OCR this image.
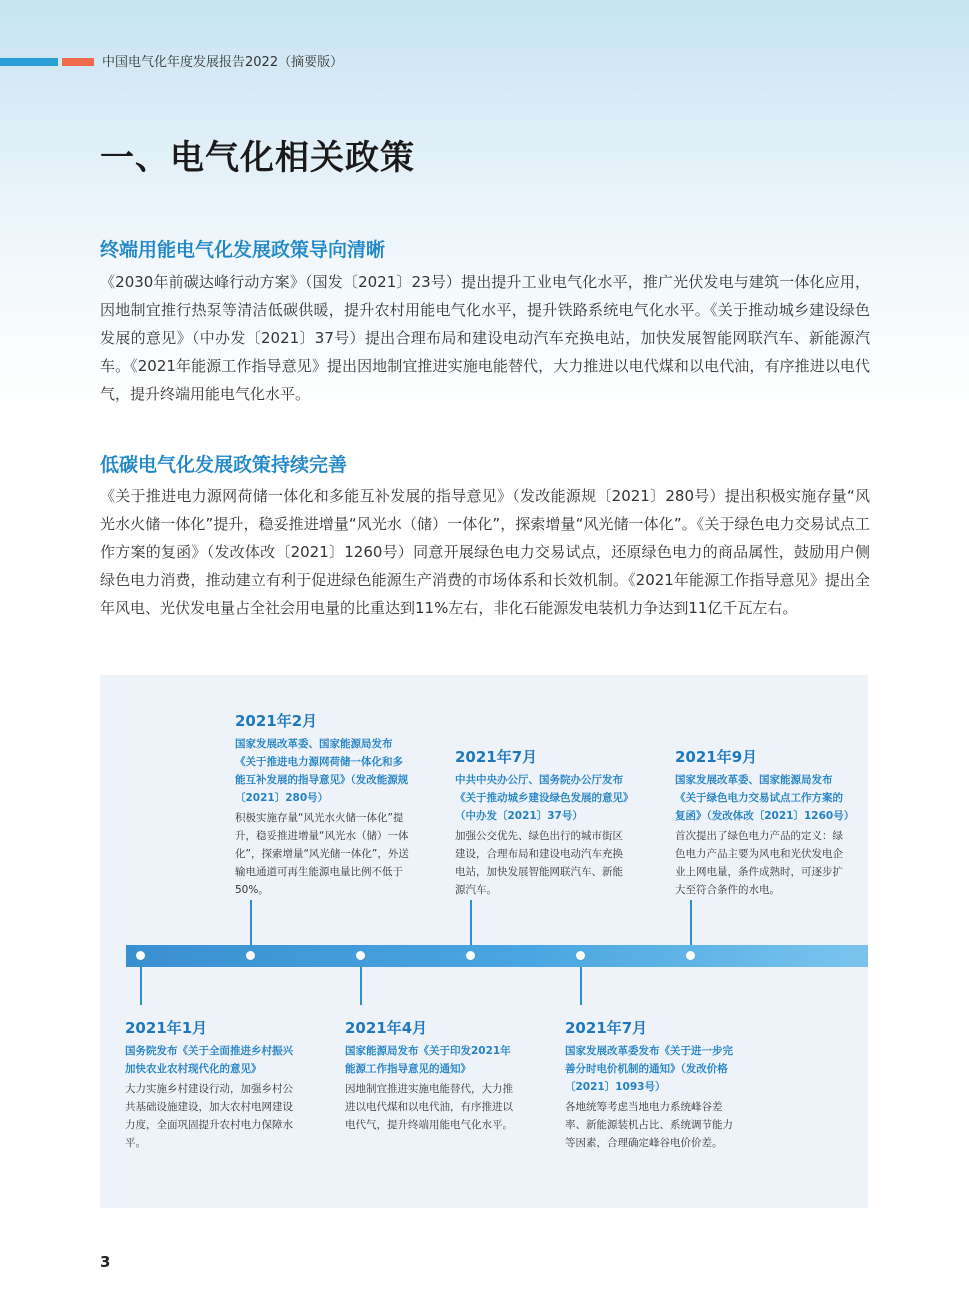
中国电气化年度发展报告2022（摘要版）
一、电气化相关政策
终端用能电气化发展政策导向清晰

《2030年前碳达峰行动方案》（国发〔2021〕23号）提出提升工业电气化水平，推广光伏发电与建筑一体化应用，因地制宜推行热泵等清洁低碳供暖，提升农村用能电气化水平，提升铁路系统电气化水平。《关于推动城乡建设绿色发展的意见》（中办发〔2021〕37号）提出合理布局和建设电动汽车充换电站，加快发展智能网联汽车、新能源汽车。《2021年能源工作指导意见》提出因地制宜推进实施电能替代，大力推进以电代煤和以电代油，有序推进以电代气，提升终端用能电气化水平。

低碳电气化发展政策持续完善

《关于推进电力源网荷储一体化和多能互补发展的指导意见》（发改能源规〔2021〕280号）提出积极实施存量“风光水火储一体化”提升，稳妥推进增量“风光水（储）一体化”，探索增量“风光储一体化”。《关于绿色电力交易试点工作方案的复函》（发改体改〔2021〕1260号）同意开展绿色电力交易试点，还原绿色电力的商品属性，鼓励用户侧绿色电力消费，推动建立有利于促进绿色能源生产消费的市场体系和长效机制。《2021年能源工作指导意见》提出全年风电、光伏发电量占全社会用电量的比重达到11%左右，非化石能源发电装机力争达到11亿千瓦左右。

2021年2月
国家发展改革委、国家能源局发布《关于推进电力源网荷储一体化和多能互补发展的指导意见》（发改能源规〔2021〕280号）
积极实施存量“风光水火储一体化”提升，稳妥推进增量“风光水（储）一体化”，探索增量“风光储一体化”，外送输电通道可再生能源电量比例不低于50%。
2021年7月
中共中央办公厅、国务院办公厅发布《关于推动城乡建设绿色发展的意见》（中办发〔2021〕37号）
加强公交优先、绿色出行的城市街区建设，合理布局和建设电动汽车充换电站，加快发展智能网联汽车、新能源汽车。
2021年9月
国家发展改革委、国家能源局发布《关于绿色电力交易试点工作方案的复函》（发改体改〔2021〕1260号）
首次提出了绿色电力产品的定义：绿色电力产品主要为风电和光伏发电企业上网电量，条件成熟时，可逐步扩大至符合条件的水电。
2021年1月
国务院发布《关于全面推进乡村振兴加快农业农村现代化的意见》
大力实施乡村建设行动，加强乡村公共基础设施建设，加大农村电网建设力度，全面巩固提升农村电力保障水平。
2021年4月
国家能源局发布《关于印发2021年能源工作指导意见的通知》
因地制宜推进实施电能替代，大力推进以电代煤和以电代油，有序推进以电代气，提升终端用能电气化水平。
2021年7月
国家发展改革委发布《关于进一步完善分时电价机制的通知》（发改价格〔2021〕1093号）
各地统筹考虑当地电力系统峰谷差率、新能源装机占比、系统调节能力等因素，合理确定峰谷电价价差。
3
